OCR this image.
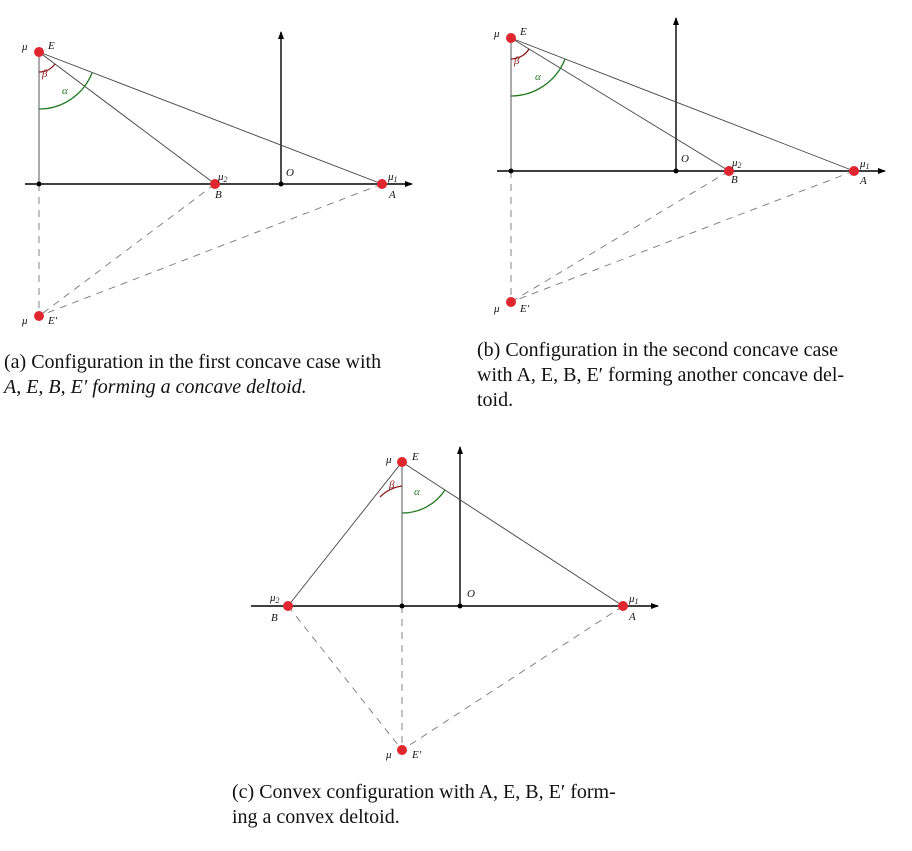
β
α
μ E
O
μ2
B
μ1
A
μ E′
β
α
μ E
O	μ2
B
μ1
A
μ E′
β
α
μ E
O
μ2
B
μ1
A
μ E′
(a) Configuration in the first concave case with
A, E, B, E′ forming a concave deltoid.
(b) Configuration in the second concave case
with A, E, B, E′ forming another concave del-
toid.
(c) Convex configuration with A, E, B, E′ form-
ing a convex deltoid.
